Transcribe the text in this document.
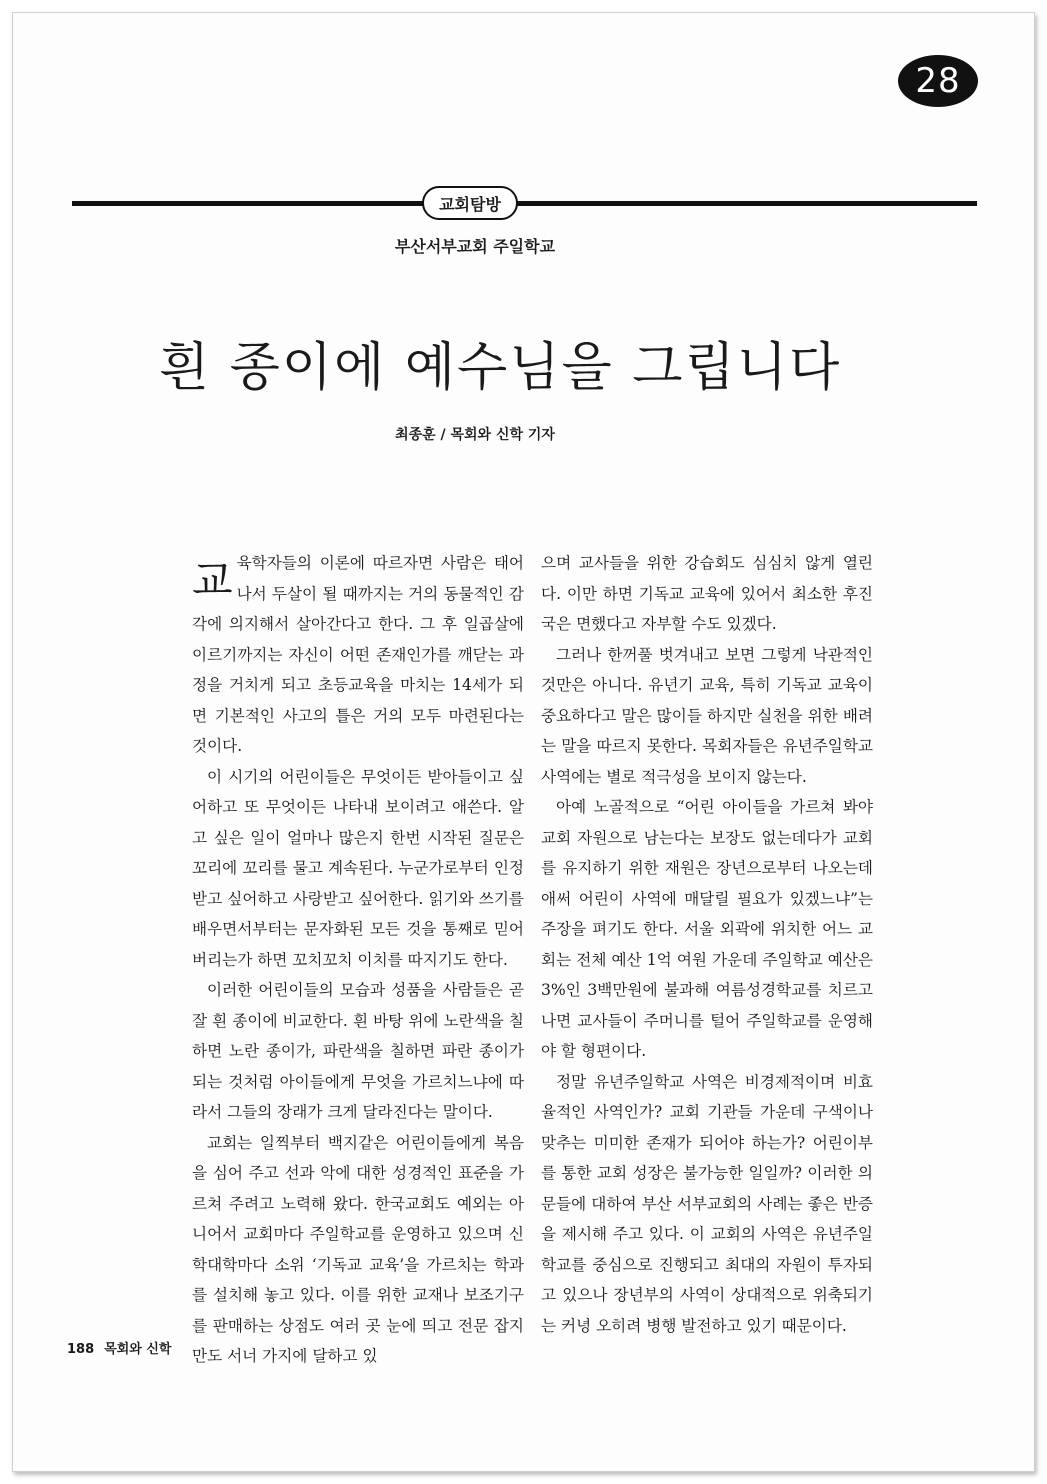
28
교회탐방
부산서부교회 주일학교
흰 종이에 예수님을 그립니다
최종훈 / 목회와 신학 기자

교육학자들의 이론에 따르자면 사람은 태어나서 두살이 될 때까지는 거의 동물적인 감각에 의지해서 살아간다고 한다. 그 후 일곱살에 이르기까지는 자신이 어떤 존재인가를 깨닫는 과정을 거치게 되고 초등교육을 마치는 14세가 되면 기본적인 사고의 틀은 거의 모두 마련된다는 것이다.

이 시기의 어린이들은 무엇이든 받아들이고 싶어하고 또 무엇이든 나타내 보이려고 애쓴다. 알고 싶은 일이 얼마나 많은지 한번 시작된 질문은 꼬리에 꼬리를 물고 계속된다. 누군가로부터 인정받고 싶어하고 사랑받고 싶어한다. 읽기와 쓰기를 배우면서부터는 문자화된 모든 것을 통째로 믿어버리는가 하면 꼬치꼬치 이치를 따지기도 한다.

이러한 어린이들의 모습과 성품을 사람들은 곧잘 흰 종이에 비교한다. 흰 바탕 위에 노란색을 칠하면 노란 종이가, 파란색을 칠하면 파란 종이가 되는 것처럼 아이들에게 무엇을 가르치느냐에 따라서 그들의 장래가 크게 달라진다는 말이다.

교회는 일찍부터 백지같은 어린이들에게 복음을 심어 주고 선과 악에 대한 성경적인 표준을 가르쳐 주려고 노력해 왔다. 한국교회도 예외는 아니어서 교회마다 주일학교를 운영하고 있으며 신학대학마다 소위 ‘기독교 교육’을 가르치는 학과를 설치해 놓고 있다. 이를 위한 교재나 보조기구를 판매하는 상점도 여러 곳 눈에 띄고 전문 잡지만도 서너 가지에 달하고 있

으며 교사들을 위한 강습회도 심심치 않게 열린다. 이만 하면 기독교 교육에 있어서 최소한 후진국은 면했다고 자부할 수도 있겠다.

그러나 한꺼풀 벗겨내고 보면 그렇게 낙관적인 것만은 아니다. 유년기 교육, 특히 기독교 교육이 중요하다고 말은 많이들 하지만 실천을 위한 배려는 말을 따르지 못한다. 목회자들은 유년주일학교 사역에는 별로 적극성을 보이지 않는다.

아예 노골적으로 “어린 아이들을 가르쳐 봐야 교회 자원으로 남는다는 보장도 없는데다가 교회를 유지하기 위한 재원은 장년으로부터 나오는데 애써 어린이 사역에 매달릴 필요가 있겠느냐”는 주장을 펴기도 한다. 서울 외곽에 위치한 어느 교회는 전체 예산 1억 여원 가운데 주일학교 예산은 3%인 3백만원에 불과해 여름성경학교를 치르고 나면 교사들이 주머니를 털어 주일학교를 운영해야 할 형편이다.

정말 유년주일학교 사역은 비경제적이며 비효율적인 사역인가? 교회 기관들 가운데 구색이나 맞추는 미미한 존재가 되어야 하는가? 어린이부를 통한 교회 성장은 불가능한 일일까? 이러한 의문들에 대하여 부산 서부교회의 사례는 좋은 반증을 제시해 주고 있다. 이 교회의 사역은 유년주일학교를 중심으로 진행되고 최대의 자원이 투자되고 있으나 장년부의 사역이 상대적으로 위축되기는 커녕 오히려 병행 발전하고 있기 때문이다.

188 목회와 신학
